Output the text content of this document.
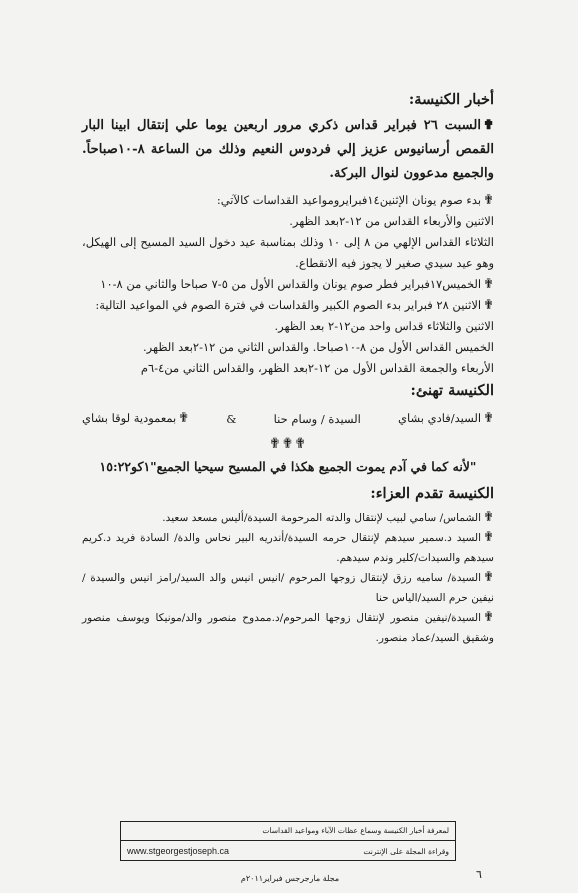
أخبار الكنيسة:

✟السبت ٢٦ فبراير قداس ذكري مرور اربعين يوما علي إنتقال ابينا البار القمص أرسانيوس عزيز إلي فردوس النعيم وذلك من الساعة ٨-١٠صباحاً. والجميع مدعوون لنوال البركة.

✟بدء صوم يونان الإثنين١٤فبرايرومواعيد القداسات كالآتي:

الاثنين والأربعاء القداس من ١٢-٢بعد الظهر.

الثلاثاء القداس الإلهي من ٨ إلى ١٠ وذلك بمناسبة عيد دخول السيد المسيح إلى الهيكل، وهو عيد سيدي صغير لا يجوز فيه الانقطاع.

✟الخميس١٧فبراير فطر صوم يونان والقداس الأول من ٥-٧ صباحا والثاني من ٨-١٠

✟الاثنين ٢٨ فبراير بدء الصوم الكبير والقداسات في فترة الصوم في المواعيد التالية:

الاثنين والثلاثاء قداس واحد من١٢-٢ بعد الظهر.

الخميس القداس الأول من ٨-١٠صباحا. والقداس الثاني من ١٢-٢بعد الظهر.

الأربعاء والجمعة القداس الأول من ١٢-٢بعد الظهر، والقداس الثاني من٤-٦م

الكنيسة تهنئ:

✟السيد/فادي بشاي
السيدة / وسام حنا
&
✟بمعمودية لوقا بشاي
✟✟✟

"لأنه كما في آدم يموت الجميع هكذا في المسيح سيحيا الجميع"١كو١٥:٢٢

الكنيسة تقدم العزاء:

✟الشماس/ سامي لبيب لإنتقال والدته المرحومة السيدة/أليس مسعد سعيد.

✟السيد د.سمير سيدهم لإنتقال حرمه السيدة/أندريه البير نحاس والدة/ السادة فريد د.كريم سيدهم والسيدات/كلير وندم سيدهم.

✟السيدة/ ساميه رزق لإنتقال زوجها المرحوم /انيس انيس والد السيد/رامز انيس والسيدة /نيفين حرم السيد/الياس حنا

✟السيدة/نيفين منصور لإنتقال زوجها المرحوم/د.ممدوح منصور والد/مونيكا ويوسف منصور وشقيق السيد/عماد منصور.

لمعرفة أخبار الكنيسة وسماع عظات الآباء ومواعيد القداسات
وقراءة المجلة على الإنترنت
www.stgeorgestjoseph.ca
٦
مجلة مارجرجس فبراير٢٠١١م
